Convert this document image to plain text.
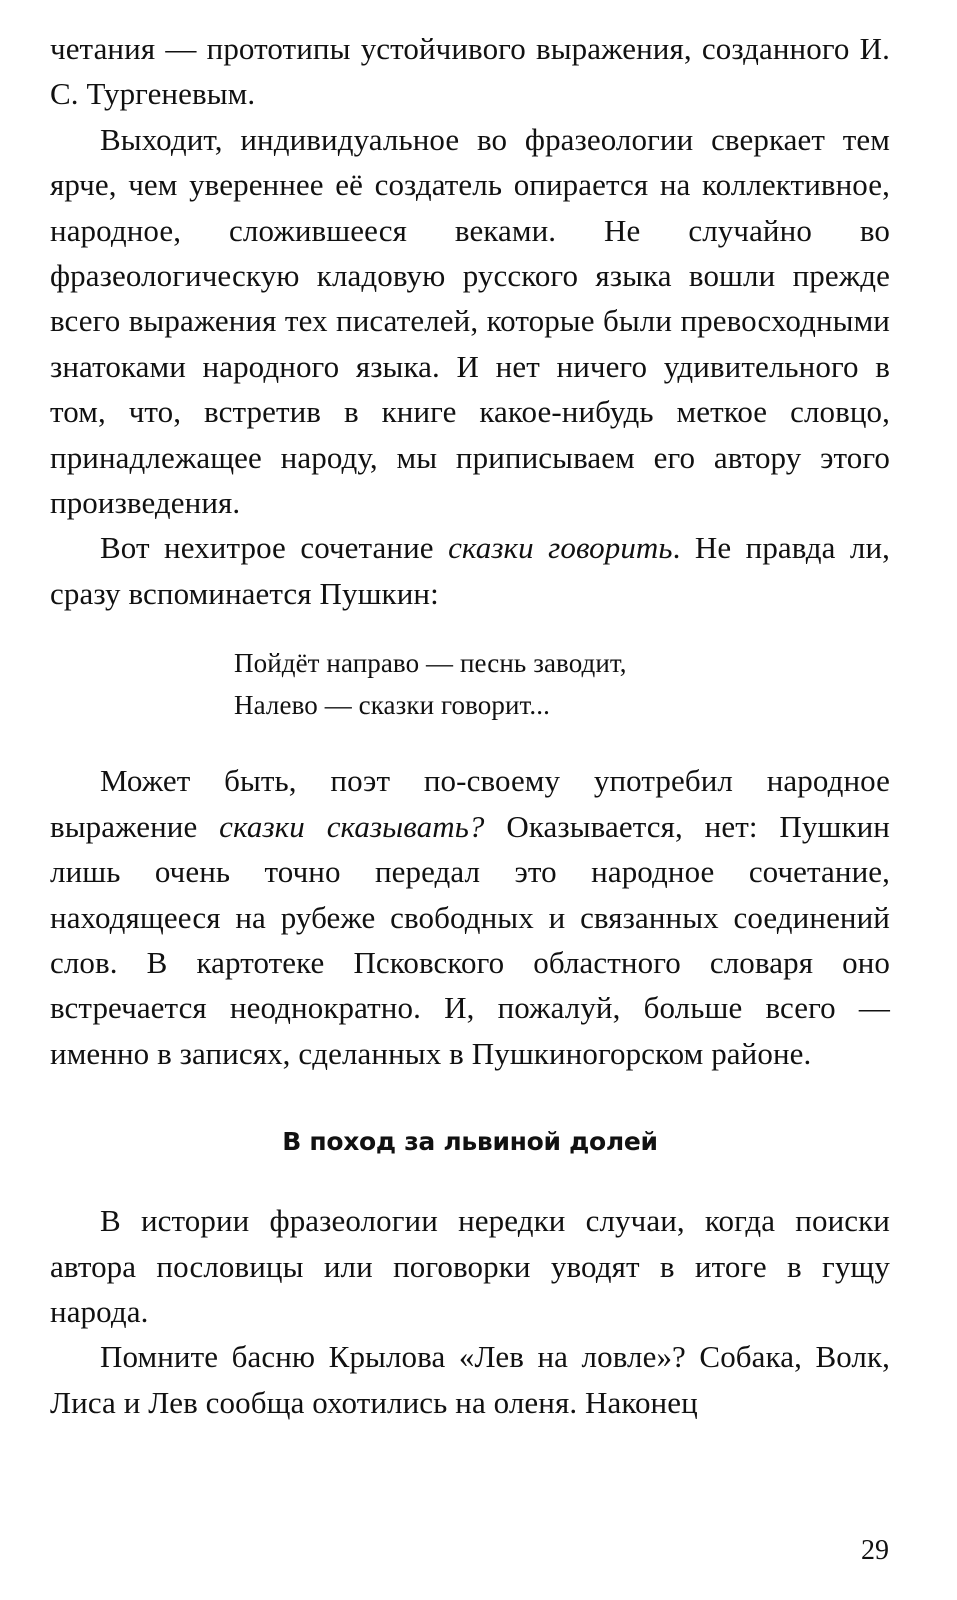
четания — прототипы устойчивого выражения, созданного И. С. Тургеневым.

Выходит, индивидуальное во фразеологии сверкает тем ярче, чем увереннее её создатель опирается на коллективное, народное, сложившееся веками. Не случайно во фразеологическую кладовую русского языка вошли прежде всего выражения тех писателей, которые были превосходными знатоками народного языка. И нет ничего удивительного в том, что, встретив в книге какое-нибудь меткое словцо, принадлежащее народу, мы приписываем его автору этого произведения.

Вот нехитрое сочетание сказки говорить. Не правда ли, сразу вспоминается Пушкин:

Пойдёт направо — песнь заводит,
Налево — сказки говорит...

Может быть, поэт по-своему употребил народное выражение сказки сказывать? Оказывается, нет: Пушкин лишь очень точно передал это народное сочетание, находящееся на рубеже свободных и связанных соединений слов. В картотеке Псковского областного словаря оно встречается неоднократно. И, пожалуй, больше всего — именно в записях, сделанных в Пушкиногорском районе.

В поход за львиной долей

В истории фразеологии нередки случаи, когда поиски автора пословицы или поговорки уводят в итоге в гущу народа.

Помните басню Крылова «Лев на ловле»? Собака, Волк, Лиса и Лев сообща охотились на оленя. Наконец

29
